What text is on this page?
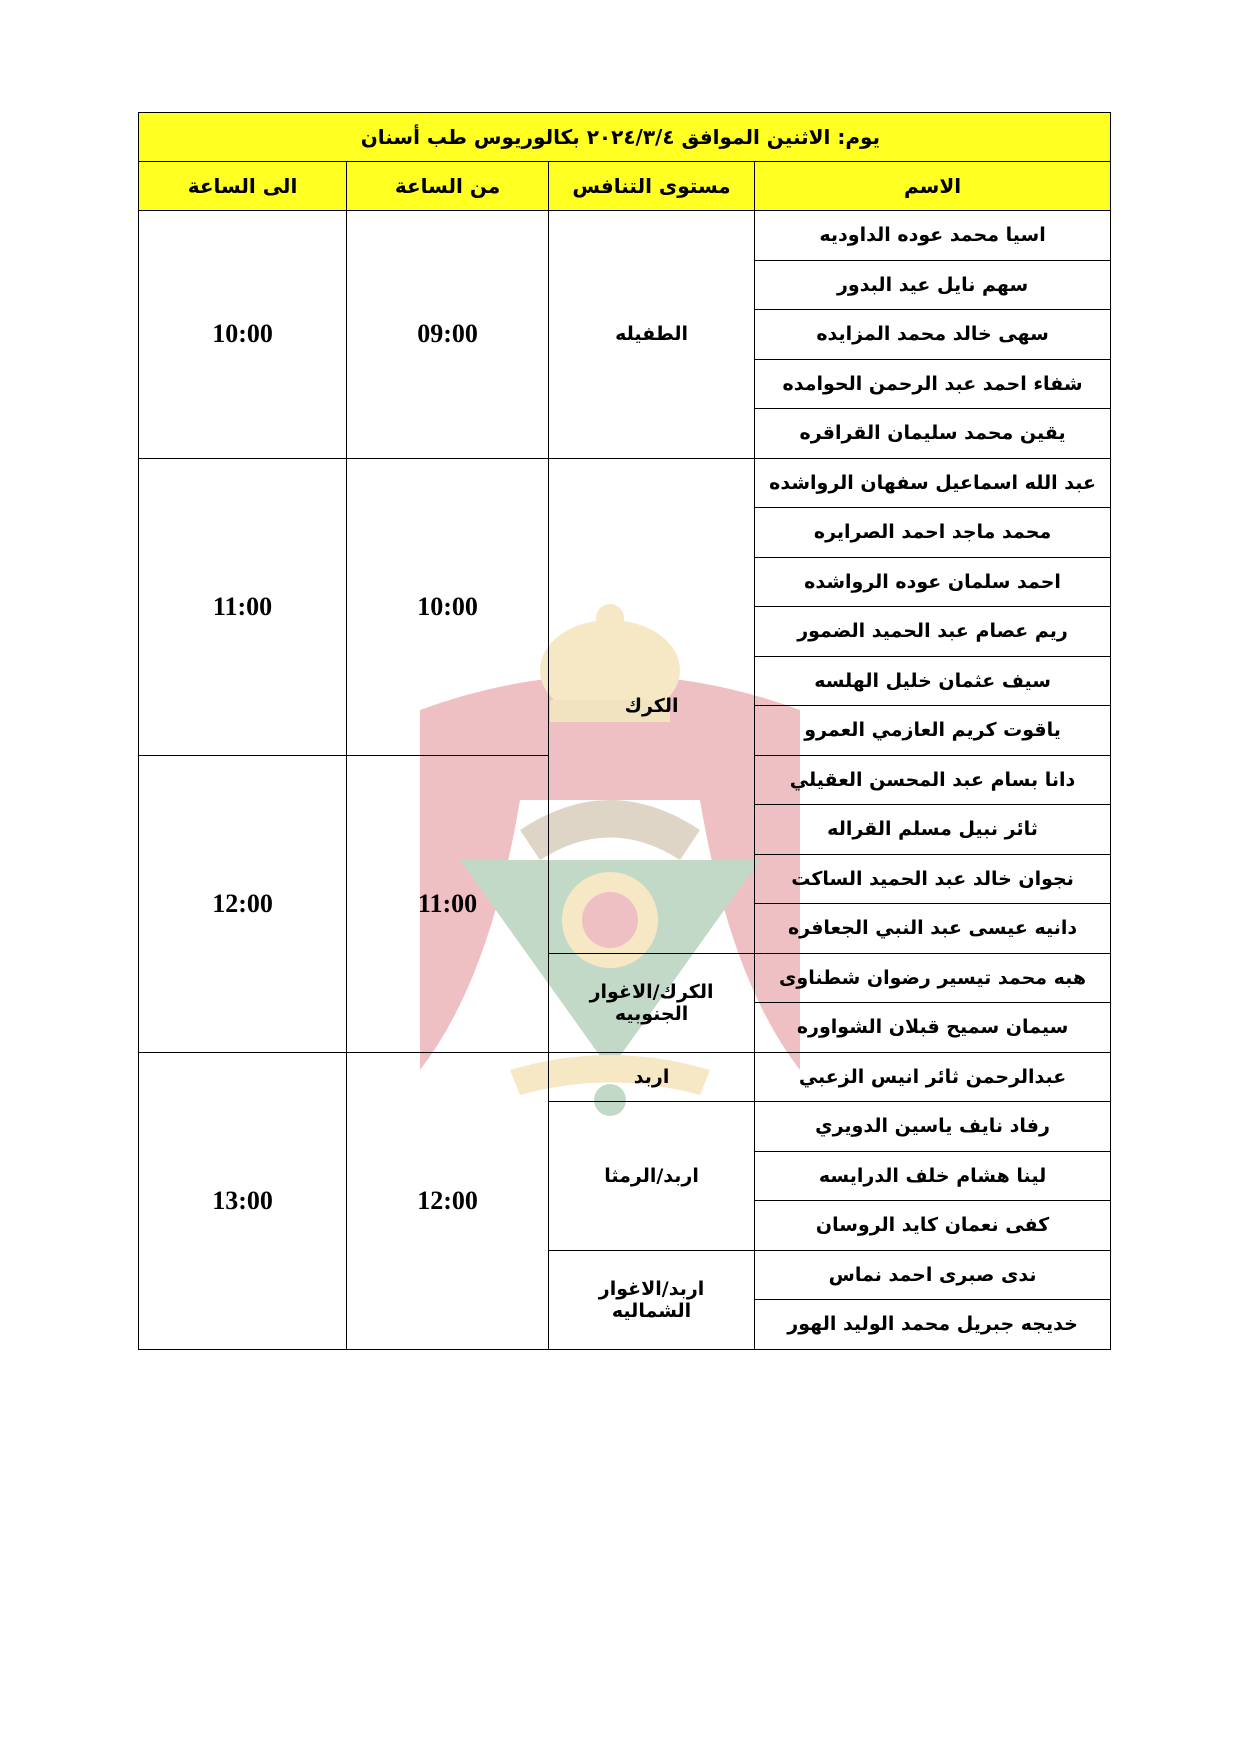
يوم: الاثنين الموافق ٢٠٢٤/٣/٤ بكالوريوس طب أسنان			
الاسم	مستوى التنافس	من الساعة	الى الساعة
اسيا محمد عوده الداوديه	الطفيله	09:00	10:00
سهم نايل عيد البدور			
سهى خالد محمد المزايده			
شفاء احمد عبد الرحمن الحوامده			
يقين محمد سليمان القراقره			
عبد الله اسماعيل سفهان الرواشده	الكرك	10:00	11:00
محمد ماجد احمد الصرايره			
احمد سلمان عوده الرواشده			
ريم عصام عبد الحميد الضمور			
سيف عثمان خليل الهلسه			
ياقوت كريم العازمي العمرو			
دانا بسام عبد المحسن العقيلي		11:00	12:00
ثائر نبيل مسلم القراله			
نجوان خالد عبد الحميد الساكت			
دانيه عيسى عبد النبي الجعافره			
هبه محمد تيسير رضوان شطناوى	الكرك/الاغوار الجنوبيه		
سيمان سميح قبلان الشواوره			
عبدالرحمن ثائر انيس الزعبي	اربد	12:00	13:00
رفاد نايف ياسين الدويري	اربد/الرمثا		
لينا هشام خلف الدرايسه			
كفى نعمان كايد الروسان			
ندى صبرى احمد نماس	اربد/الاغوار الشماليه		
خديجه جبريل محمد الوليد الهور			
